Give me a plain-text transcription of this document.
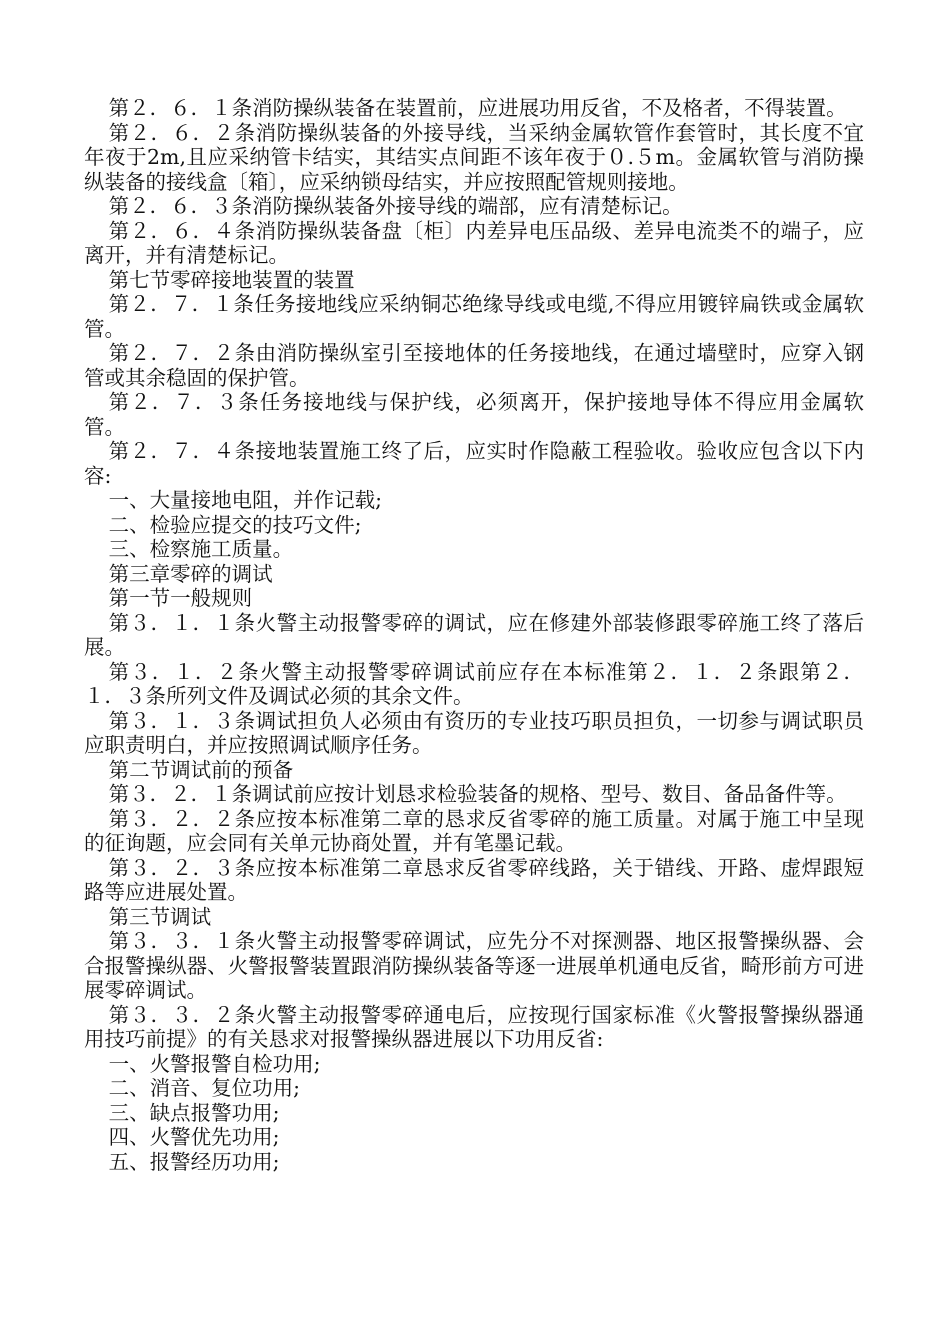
第２．６．１条消防操纵装备在装置前，应进展功用反省，不及格者，不得装置。

第２．６．２条消防操纵装备的外接导线，当采纳金属软管作套管时，其长度不宜年夜于2m,且应采纳管卡结实，其结实点间距不该年夜于０.５m。金属软管与消防操纵装备的接线盒〔箱〕，应采纳锁母结实，并应按照配管规则接地。

第２．６．３条消防操纵装备外接导线的端部，应有清楚标记。

第２．６．４条消防操纵装备盘〔柜〕内差异电压品级、差异电流类不的端子，应离开，并有清楚标记。

第七节零碎接地装置的装置

第２．７．１条任务接地线应采纳铜芯绝缘导线或电缆,不得应用镀锌扁铁或金属软管。

第２．７．２条由消防操纵室引至接地体的任务接地线，在通过墙壁时，应穿入钢管或其余稳固的保护管。

第２．７．３条任务接地线与保护线，必须离开，保护接地导体不得应用金属软管。

第２．７．４条接地装置施工终了后，应实时作隐蔽工程验收。验收应包含以下内容:

一、大量接地电阻，并作记载;

二、检验应提交的技巧文件;

三、检察施工质量。

第三章零碎的调试

第一节一般规则

第３．１．１条火警主动报警零碎的调试，应在修建外部装修跟零碎施工终了落后展。

第３．１．２条火警主动报警零碎调试前应存在本标准第２．１．２条跟第２．１．３条所列文件及调试必须的其余文件。

第３．１．３条调试担负人必须由有资历的专业技巧职员担负，一切参与调试职员应职责明白，并应按照调试顺序任务。

第二节调试前的预备

第３．２．１条调试前应按计划恳求检验装备的规格、型号、数目、备品备件等。

第３．２．２条应按本标准第二章的恳求反省零碎的施工质量。对属于施工中呈现的征询题，应会同有关单元协商处置，并有笔墨记载。

第３．２．３条应按本标准第二章恳求反省零碎线路，关于错线、开路、虚焊跟短路等应进展处置。

第三节调试

第３．３．１条火警主动报警零碎调试，应先分不对探测器、地区报警操纵器、会合报警操纵器、火警报警装置跟消防操纵装备等逐一进展单机通电反省，畸形前方可进展零碎调试。

第３．３．２条火警主动报警零碎通电后，应按现行国家标准《火警报警操纵器通用技巧前提》的有关恳求对报警操纵器进展以下功用反省:

一、火警报警自检功用;

二、消音、复位功用;

三、缺点报警功用;

四、火警优先功用;

五、报警经历功用;
